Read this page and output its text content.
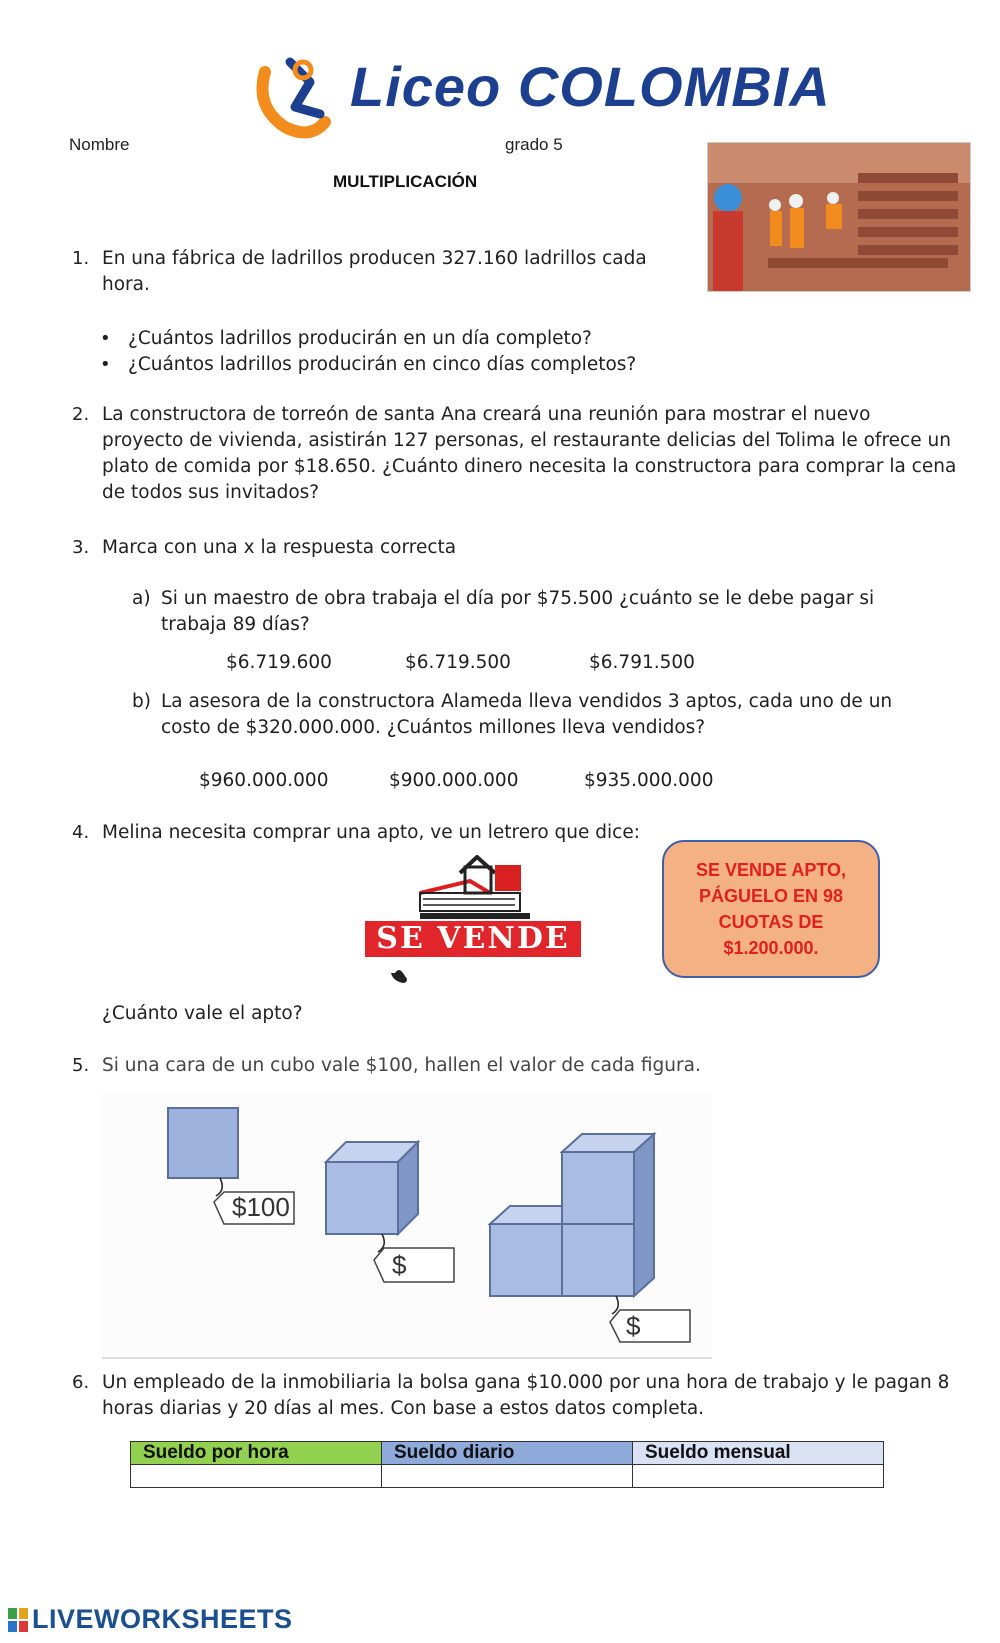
Liceo COLOMBIA
Nombre	grado 5
MULTIPLICACIÓN
1. En una fábrica de ladrillos producen 327.160 ladrillos cada hora.
• ¿Cuántos ladrillos producirán en un día completo?
• ¿Cuántos ladrillos producirán en cinco días completos?
2. La constructora de torreón de santa Ana creará una reunión para mostrar el nuevo proyecto de vivienda, asistirán 127 personas, el restaurante delicias del Tolima le ofrece un plato de comida por $18.650. ¿Cuánto dinero necesita la constructora para comprar la cena de todos sus invitados?
3. Marca con una x la respuesta correcta
a) Si un maestro de obra trabaja el día por $75.500 ¿cuánto se le debe pagar si trabaja 89 días?
$6.719.600	$6.719.500	$6.791.500
b) La asesora de la constructora Alameda lleva vendidos 3 aptos, cada uno de un costo de $320.000.000. ¿Cuántos millones lleva vendidos?
$960.000.000	$900.000.000	$935.000.000
4. Melina necesita comprar una apto, ve un letrero que dice:
SE VENDE
SE VENDE APTO, PÁGUELO EN 98 CUOTAS DE $1.200.000.
¿Cuánto vale el apto?
5. Si una cara de un cubo vale $100, hallen el valor de cada figura.
$100
$
$
6. Un empleado de la inmobiliaria la bolsa gana $10.000 por una hora de trabajo y le pagan 8 horas diarias y 20 días al mes. Con base a estos datos completa.
Sueldo por hora	Sueldo diario	Sueldo mensual

LIVEWORKSHEETS
